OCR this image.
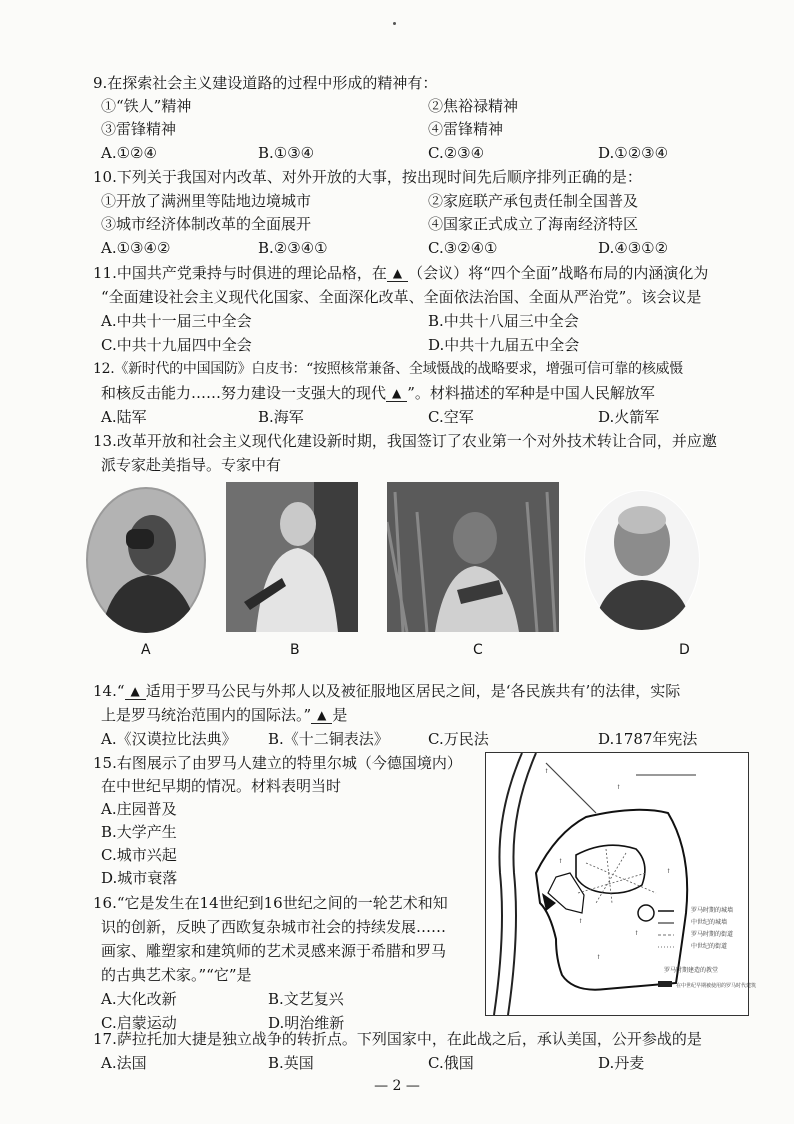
9.在探索社会主义建设道路的过程中形成的精神有：
①“铁人”精神	②焦裕禄精神
③雷锋精神	④雷锋精神
A.①②④	B.①③④	C.②③④	D.①②③④
10.下列关于我国对内改革、对外开放的大事，按出现时间先后顺序排列正确的是：
①开放了满洲里等陆地边境城市	②家庭联产承包责任制全国普及
③城市经济体制改革的全面展开	④国家正式成立了海南经济特区
A.①③④②	B.②③④①	C.③②④①	D.④③①②
11.中国共产党秉持与时俱进的理论品格，在 ▲ （会议）将“四个全面”战略布局的内涵演化为
“全面建设社会主义现代化国家、全面深化改革、全面依法治国、全面从严治党”。该会议是
A.中共十一届三中全会	B.中共十八届三中全会
C.中共十九届四中全会	D.中共十九届五中全会
12.《新时代的中国国防》白皮书：“按照核常兼备、全域慑战的战略要求，增强可信可靠的核威慑
和核反击能力……努力建设一支强大的现代 ▲ ”。材料描述的军种是中国人民解放军
A.陆军	B.海军	C.空军	D.火箭军
13.改革开放和社会主义现代化建设新时期，我国签订了农业第一个对外技术转让合同，并应邀
派专家赴美指导。专家中有
A	B	C	D
14.“ ▲ 适用于罗马公民与外邦人以及被征服地区居民之间，是‘各民族共有’的法律，实际
上是罗马统治范围内的国际法。” ▲ 是
A.《汉谟拉比法典》 B.《十二铜表法》	C.万民法	D.1787年宪法
15.右图展示了由罗马人建立的特里尔城（今德国境内）
在中世纪早期的情况。材料表明当时
A.庄园普及
B.大学产生
C.城市兴起
D.城市衰落
↑
↑
↑
↑
↑
↑
↑
罗马时期的城墙
中世纪的城墙
罗马时期的街道
中世纪的街道
罗马时期建造的教堂
在中世纪早期被使用的罗马时代建筑
16.“它是发生在14世纪到16世纪之间的一轮艺术和知
识的创新，反映了西欧复杂城市社会的持续发展……
画家、雕塑家和建筑师的艺术灵感来源于希腊和罗马
的古典艺术家。”“它”是
A.大化改新	B.文艺复兴
C.启蒙运动	D.明治维新
17.萨拉托加大捷是独立战争的转折点。下列国家中，在此战之后，承认美国，公开参战的是
A.法国	B.英国	C.俄国	D.丹麦
— 2 —
